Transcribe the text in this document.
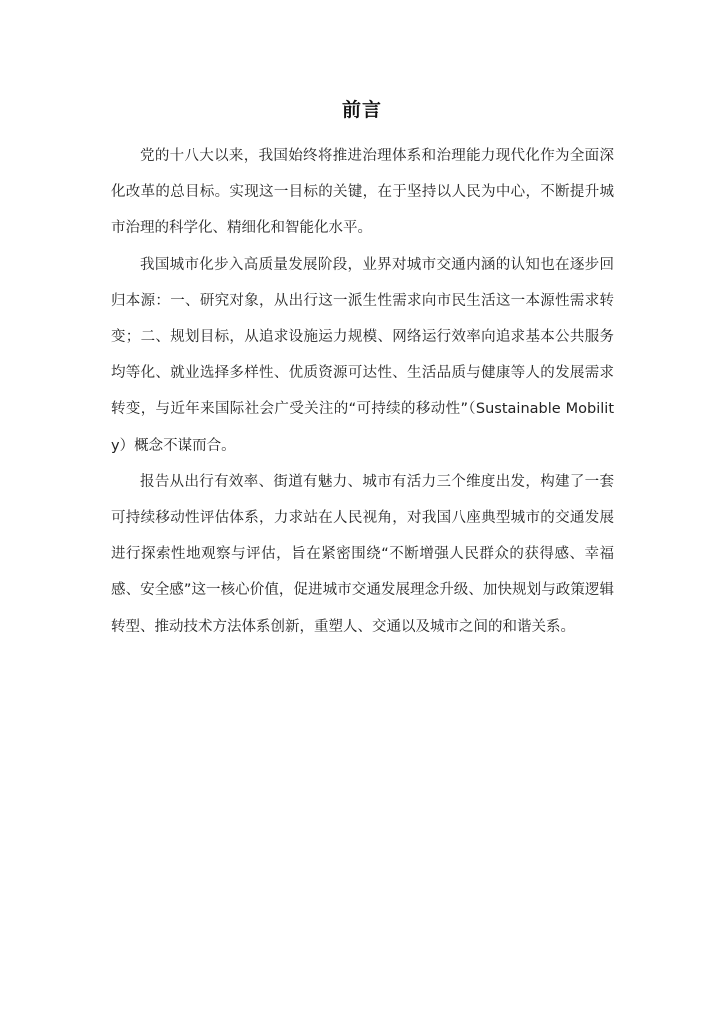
前言

党的十八大以来，我国始终将推进治理体系和治理能力现代化作为全面深化改革的总目标。实现这一目标的关键，在于坚持以人民为中心，不断提升城市治理的科学化、精细化和智能化水平。

我国城市化步入高质量发展阶段，业界对城市交通内涵的认知也在逐步回归本源：一、研究对象，从出行这一派生性需求向市民生活这一本源性需求转变；二、规划目标，从追求设施运力规模、网络运行效率向追求基本公共服务均等化、就业选择多样性、优质资源可达性、生活品质与健康等人的发展需求转变，与近年来国际社会广受关注的“可持续的移动性”（Sustainable Mobility）概念不谋而合。

报告从出行有效率、街道有魅力、城市有活力三个维度出发，构建了一套可持续移动性评估体系，力求站在人民视角，对我国八座典型城市的交通发展进行探索性地观察与评估，旨在紧密围绕“不断增强人民群众的获得感、幸福感、安全感”这一核心价值，促进城市交通发展理念升级、加快规划与政策逻辑转型、推动技术方法体系创新，重塑人、交通以及城市之间的和谐关系。
